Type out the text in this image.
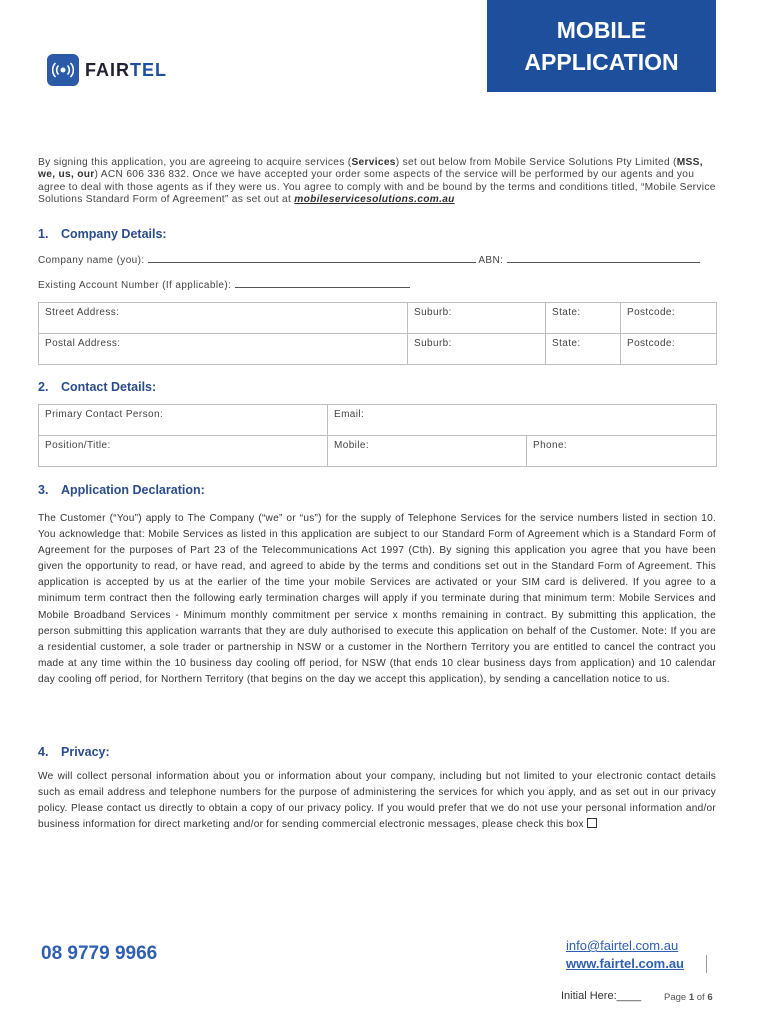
MOBILE
APPLICATION
FAIRTEL
By signing this application, you are agreeing to acquire services (Services) set out below from Mobile Service Solutions Pty Limited (MSS, we, us, our) ACN 606 336 832. Once we have accepted your order some aspects of the service will be performed by our agents and you agree to deal with those agents as if they were us. You agree to comply with and be bound by the terms and conditions titled, “Mobile Service Solutions Standard Form of Agreement” as set out at mobileservicesolutions.com.au
1. Company Details:
Company name (you):	ABN:
Existing Account Number (If applicable):
Street Address:	Suburb:	State:	Postcode:
Postal Address:	Suburb:	State:	Postcode:
2. Contact Details:
Primary Contact Person:	Email:	
Position/Title:	Mobile:	Phone:
3. Application Declaration:
The Customer (“You”) apply to The Company (“we” or “us”) for the supply of Telephone Services for the service numbers listed in section 10. You acknowledge that: Mobile Services as listed in this application are subject to our Standard Form of Agreement which is a Standard Form of Agreement for the purposes of Part 23 of the Telecommunications Act 1997 (Cth). By signing this application you agree that you have been given the opportunity to read, or have read, and agreed to abide by the terms and conditions set out in the Standard Form of Agreement. This application is accepted by us at the earlier of the time your mobile Services are activated or your SIM card is delivered. If you agree to a minimum term contract then the following early termination charges will apply if you terminate during that minimum term: Mobile Services and Mobile Broadband Services - Minimum monthly commitment per service x months remaining in contract. By submitting this application, the person submitting this application warrants that they are duly authorised to execute this application on behalf of the Customer. Note: If you are a residential customer, a sole trader or partnership in NSW or a customer in the Northern Territory you are entitled to cancel the contract you made at any time within the 10 business day cooling off period, for NSW (that ends 10 clear business days from application) and 10 calendar day cooling off period, for Northern Territory (that begins on the day we accept this application), by sending a cancellation notice to us.
4. Privacy:
We will collect personal information about you or information about your company, including but not limited to your electronic contact details such as email address and telephone numbers for the purpose of administering the services for which you apply, and as set out in our privacy policy. Please contact us directly to obtain a copy of our privacy policy. If you would prefer that we do not use your personal information and/or business information for direct marketing and/or for sending commercial electronic messages, please check this box
08 9779 9966	info@fairtel.com.au
www.fairtel.com.au
Initial Here:____ Page 1 of 6
